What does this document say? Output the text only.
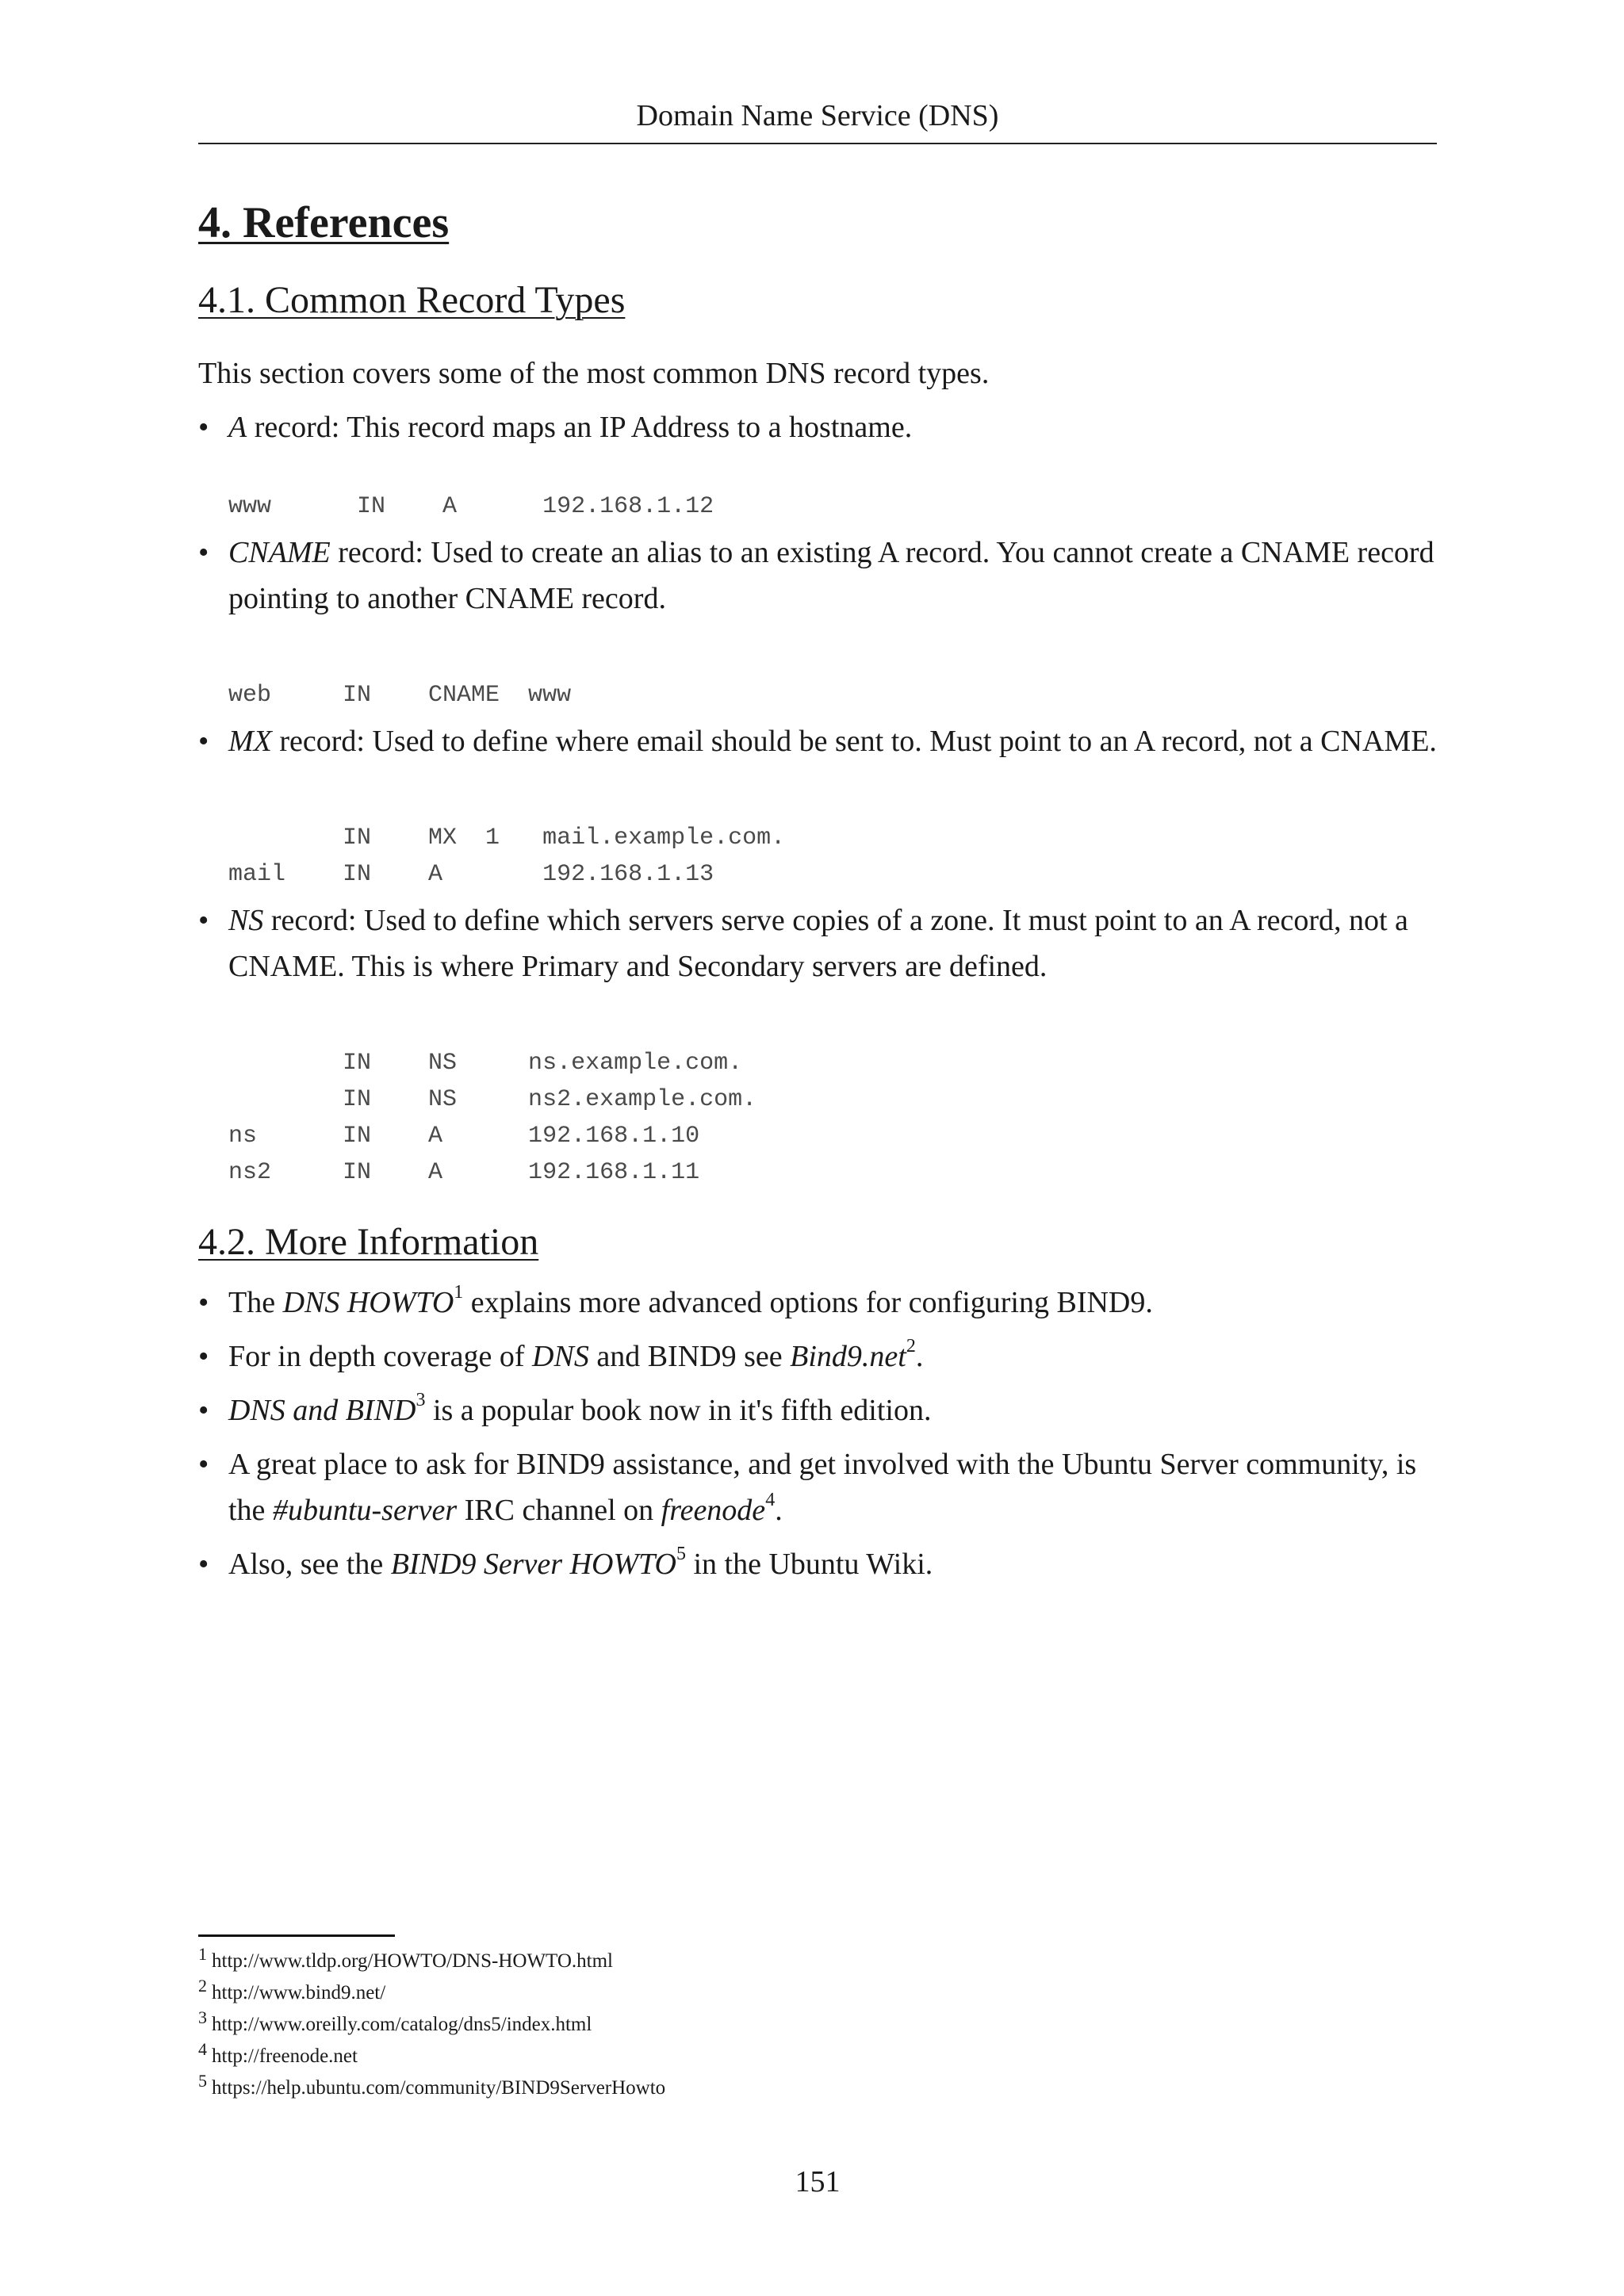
Domain Name Service (DNS)
4. References
4.1. Common Record Types

This section covers some of the most common DNS record types.

• A record: This record maps an IP Address to a hostname.
www      IN    A      192.168.1.12
• CNAME record: Used to create an alias to an existing A record. You cannot create a CNAME record pointing to another CNAME record.
web     IN    CNAME  www
• MX record: Used to define where email should be sent to. Must point to an A record, not a CNAME.
IN    MX  1   mail.example.com.
mail    IN    A       192.168.1.13
• NS record: Used to define which servers serve copies of a zone. It must point to an A record, not a CNAME. This is where Primary and Secondary servers are defined.
IN    NS     ns.example.com.
IN    NS     ns2.example.com.
ns      IN    A      192.168.1.10
ns2     IN    A      192.168.1.11
4.2. More Information
• The DNS HOWTO$^1$ explains more advanced options for configuring BIND9.
• For in depth coverage of DNS and BIND9 see Bind9.net$^2$.
• DNS and BIND$^3$ is a popular book now in it's fifth edition.
• A great place to ask for BIND9 assistance, and get involved with the Ubuntu Server community, is the #ubuntu-server IRC channel on freenode$^4$.
• Also, see the BIND9 Server HOWTO$^5$ in the Ubuntu Wiki.
$^1$ http://www.tldp.org/HOWTO/DNS-HOWTO.html
$^2$ http://www.bind9.net/
$^3$ http://www.oreilly.com/catalog/dns5/index.html
$^4$ http://freenode.net
$^5$ https://help.ubuntu.com/community/BIND9ServerHowto
151
